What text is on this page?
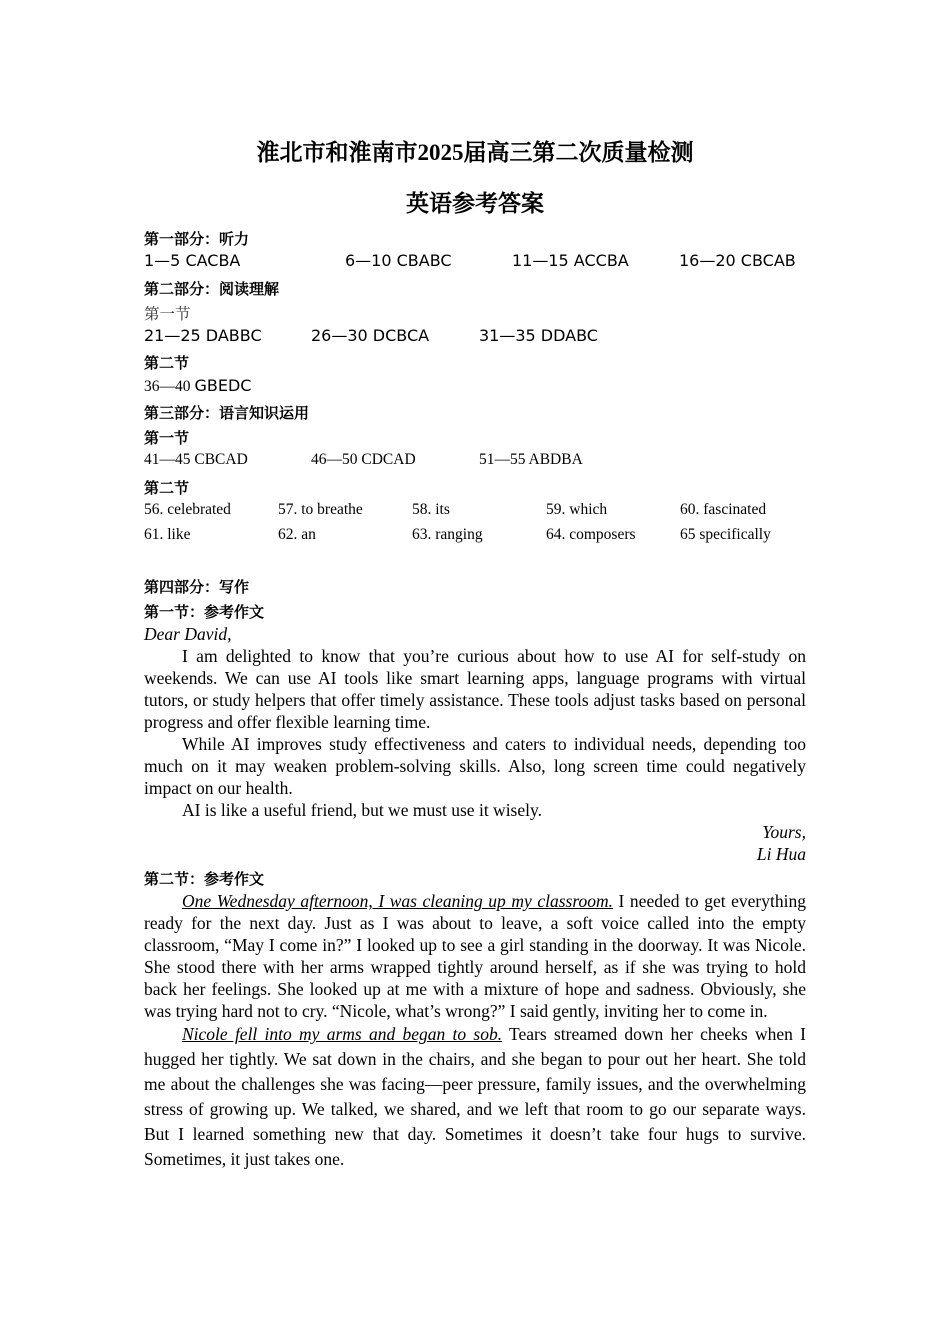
淮北市和淮南市2025届高三第二次质量检测
英语参考答案
第一部分：听力
1—5 CACBA	6—10 CBABC	11—15 ACCBA	16—20 CBCAB
第二部分：阅读理解
第一节
21—25 DABBC	26—30 DCBCA	31—35 DDABC
第二节
36—40 GBEDC
第三部分：语言知识运用
第一节
41—45 CBCAD	46—50 CDCAD	51—55 ABDBA
第二节
56. celebrated	57. to breathe	58. its	59. which	60. fascinated
61. like	62. an	63. ranging	64. composers	65 specifically
第四部分：写作
第一节：参考作文
Dear David,
I am delighted to know that you’re curious about how to use AI for self-study on weekends. We can use AI tools like smart learning apps, language programs with virtual tutors, or study helpers that offer timely assistance. These tools adjust tasks based on personal progress and offer flexible learning time.
While AI improves study effectiveness and caters to individual needs, depending too much on it may weaken problem-solving skills. Also, long screen time could negatively impact on our health.
AI is like a useful friend, but we must use it wisely.
Yours,
Li Hua
第二节：参考作文
One Wednesday afternoon, I was cleaning up my classroom. I needed to get everything ready for the next day. Just as I was about to leave, a soft voice called into the empty classroom, “May I come in?” I looked up to see a girl standing in the doorway. It was Nicole. She stood there with her arms wrapped tightly around herself, as if she was trying to hold back her feelings. She looked up at me with a mixture of hope and sadness. Obviously, she was trying hard not to cry. “Nicole, what’s wrong?” I said gently, inviting her to come in.
Nicole fell into my arms and began to sob. Tears streamed down her cheeks when I hugged her tightly. We sat down in the chairs, and she began to pour out her heart. She told me about the challenges she was facing—peer pressure, family issues, and the overwhelming stress of growing up. We talked, we shared, and we left that room to go our separate ways. But I learned something new that day. Sometimes it doesn’t take four hugs to survive. Sometimes, it just takes one.
